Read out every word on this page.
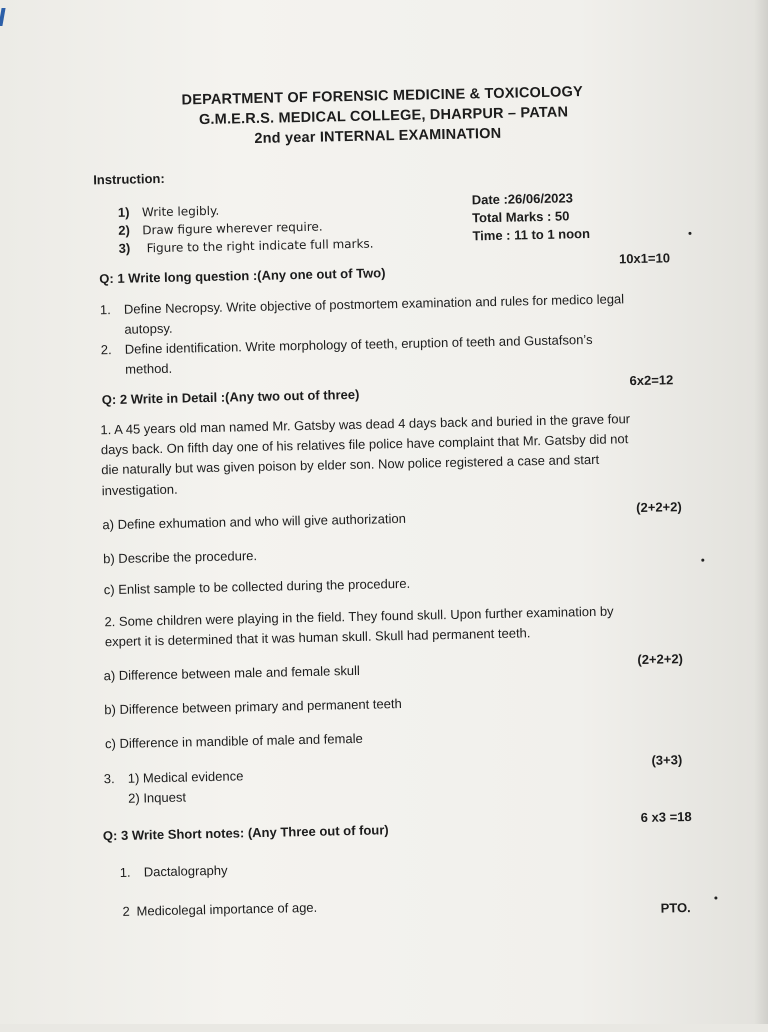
DEPARTMENT OF FORENSIC MEDICINE & TOXICOLOGY
G.M.E.R.S. MEDICAL COLLEGE, DHARPUR – PATAN
2nd year INTERNAL EXAMINATION
Instruction:
1) Write legibly.
2) Draw figure wherever require.
3) Figure to the right indicate full marks.
Date :26/06/2023
Total Marks : 50
Time : 11 to 1 noon
Q: 1 Write long question :(Any one out of Two)
10x1=10
1. Define Necropsy. Write objective of postmortem examination and rules for medico legal
autopsy.
2. Define identification. Write morphology of teeth, eruption of teeth and Gustafson’s
method.
Q: 2 Write in Detail :(Any two out of three)
6x2=12
1. A 45 years old man named Mr. Gatsby was dead 4 days back and buried in the grave four
days back. On fifth day one of his relatives file police have complaint that Mr. Gatsby did not
die naturally but was given poison by elder son. Now police registered a case and start
investigation.
a) Define exhumation and who will give authorization
(2+2+2)
b) Describe the procedure.
c) Enlist sample to be collected during the procedure.
2. Some children were playing in the field. They found skull. Upon further examination by
expert it is determined that it was human skull. Skull had permanent teeth.
a) Difference between male and female skull
(2+2+2)
b) Difference between primary and permanent teeth
c) Difference in mandible of male and female
3. 1) Medical evidence
2) Inquest
(3+3)
Q: 3 Write Short notes: (Any Three out of four)
6 x3 =18
1. Dactalography
2 Medicolegal importance of age.	PTO.
